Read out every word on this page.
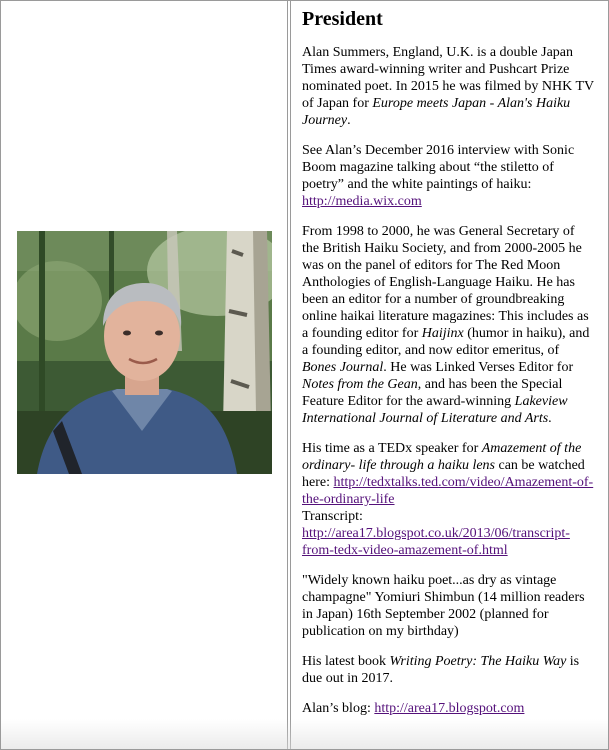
President

Alan Summers, England, U.K. is a double Japan Times award-winning writer and Pushcart Prize nominated poet. In 2015 he was filmed by NHK TV of Japan for Europe meets Japan - Alan's Haiku Journey.

See Alan’s December 2016 interview with Sonic Boom magazine talking about “the stiletto of poetry” and the white paintings of haiku: http://media.wix.com

From 1998 to 2000, he was General Secretary of the British Haiku Society, and from 2000-2005 he was on the panel of editors for The Red Moon Anthologies of English-Language Haiku. He has been an editor for a number of groundbreaking online haikai literature magazines: This includes as a founding editor for Haijinx (humor in haiku), and a founding editor, and now editor emeritus, of Bones Journal. He was Linked Verses Editor for Notes from the Gean, and has been the Special Feature Editor for the award-winning Lakeview International Journal of Literature and Arts.

His time as a TEDx speaker for Amazement of the ordinary- life through a haiku lens can be watched here: http://tedxtalks.ted.com/video/Amazement-of-the-ordinary-life
Transcript: http://area17.blogspot.co.uk/2013/06/transcript-from-tedx-video-amazement-of.html

"Widely known haiku poet...as dry as vintage champagne" Yomiuri Shimbun (14 million readers in Japan) 16th September 2002 (planned for publication on my birthday)

His latest book Writing Poetry: The Haiku Way is due out in 2017.

Alan’s blog: http://area17.blogspot.com
